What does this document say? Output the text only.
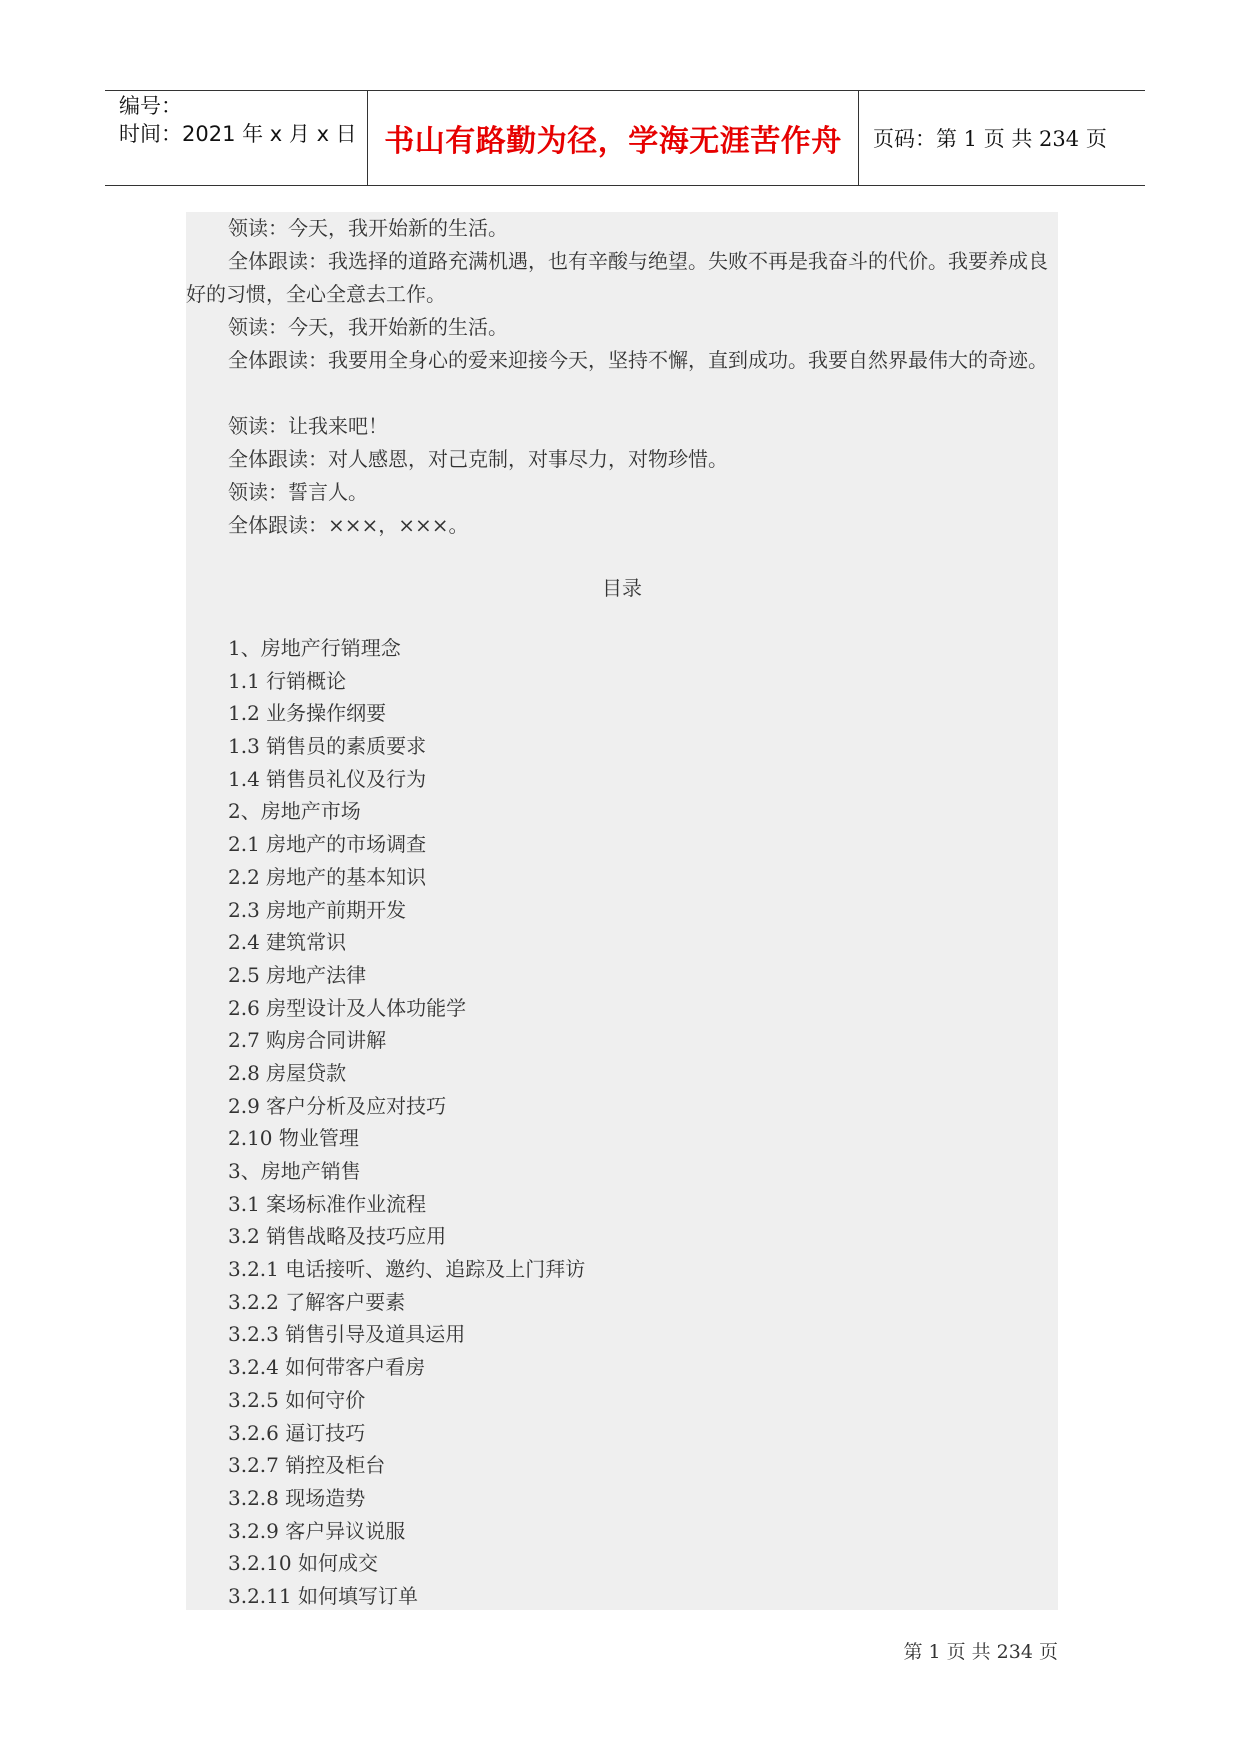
编号：
时间：2021 年 x 月 x 日 书山有路勤为径，学海无涯苦作舟	页码：第 1 页 共 234 页
领读：今天，我开始新的生活。
全体跟读：我选择的道路充满机遇，也有辛酸与绝望。失败不再是我奋斗的代价。我要养成良好的习惯，全心全意去工作。
领读：今天，我开始新的生活。
全体跟读：我要用全身心的爱来迎接今天，坚持不懈，直到成功。我要自然界最伟大的奇迹。
领读：让我来吧！
全体跟读：对人感恩，对己克制，对事尽力，对物珍惜。
领读：誓言人。
全体跟读：×××，×××。
目录
1、房地产行销理念
1.1 行销概论
1.2 业务操作纲要
1.3 销售员的素质要求
1.4 销售员礼仪及行为
2、房地产市场
2.1 房地产的市场调查
2.2 房地产的基本知识
2.3 房地产前期开发
2.4 建筑常识
2.5 房地产法律
2.6 房型设计及人体功能学
2.7 购房合同讲解
2.8 房屋贷款
2.9 客户分析及应对技巧
2.10 物业管理
3、房地产销售
3.1 案场标准作业流程
3.2 销售战略及技巧应用
3.2.1 电话接听、邀约、追踪及上门拜访
3.2.2 了解客户要素
3.2.3 销售引导及道具运用
3.2.4 如何带客户看房
3.2.5 如何守价
3.2.6 逼订技巧
3.2.7 销控及柜台
3.2.8 现场造势
3.2.9 客户异议说服
3.2.10 如何成交
3.2.11 如何填写订单
第 1 页 共 234 页
